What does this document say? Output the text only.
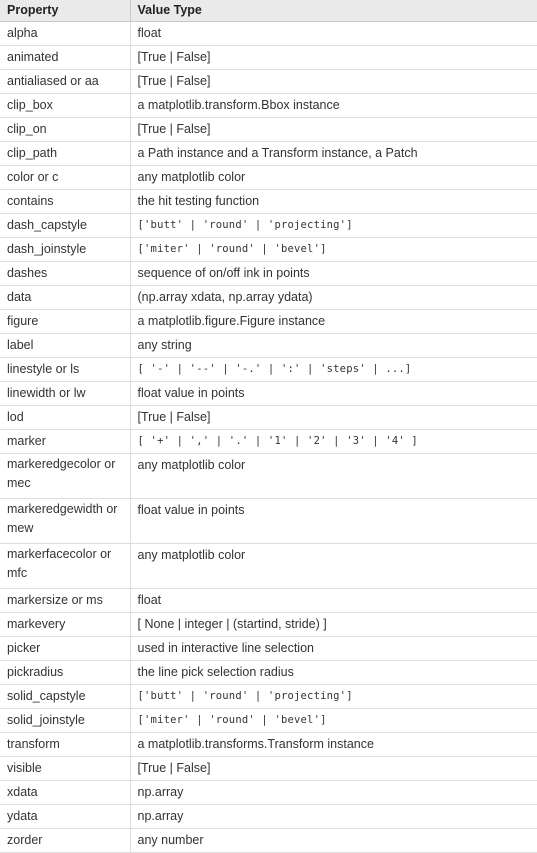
Property	Value Type
alpha	float
animated	[True | False]
antialiased or aa	[True | False]
clip_box	a matplotlib.transform.Bbox instance
clip_on	[True | False]
clip_path	a Path instance and a Transform instance, a Patch
color or c	any matplotlib color
contains	the hit testing function
dash_capstyle	['butt' | 'round' | 'projecting']
dash_joinstyle	['miter' | 'round' | 'bevel']
dashes	sequence of on/off ink in points
data	(np.array xdata, np.array ydata)
figure	a matplotlib.figure.Figure instance
label	any string
linestyle or ls	[ '-' | '--' | '-.' | ':' | 'steps' | ...]
linewidth or lw	float value in points
lod	[True | False]
marker	[ '+' | ',' | '.' | '1' | '2' | '3' | '4' ]
markeredgecolor or mec	any matplotlib color
markeredgewidth or mew	float value in points
markerfacecolor or mfc	any matplotlib color
markersize or ms	float
markevery	[ None | integer | (startind, stride) ]
picker	used in interactive line selection
pickradius	the line pick selection radius
solid_capstyle	['butt' | 'round' | 'projecting']
solid_joinstyle	['miter' | 'round' | 'bevel']
transform	a matplotlib.transforms.Transform instance
visible	[True | False]
xdata	np.array
ydata	np.array
zorder	any number
